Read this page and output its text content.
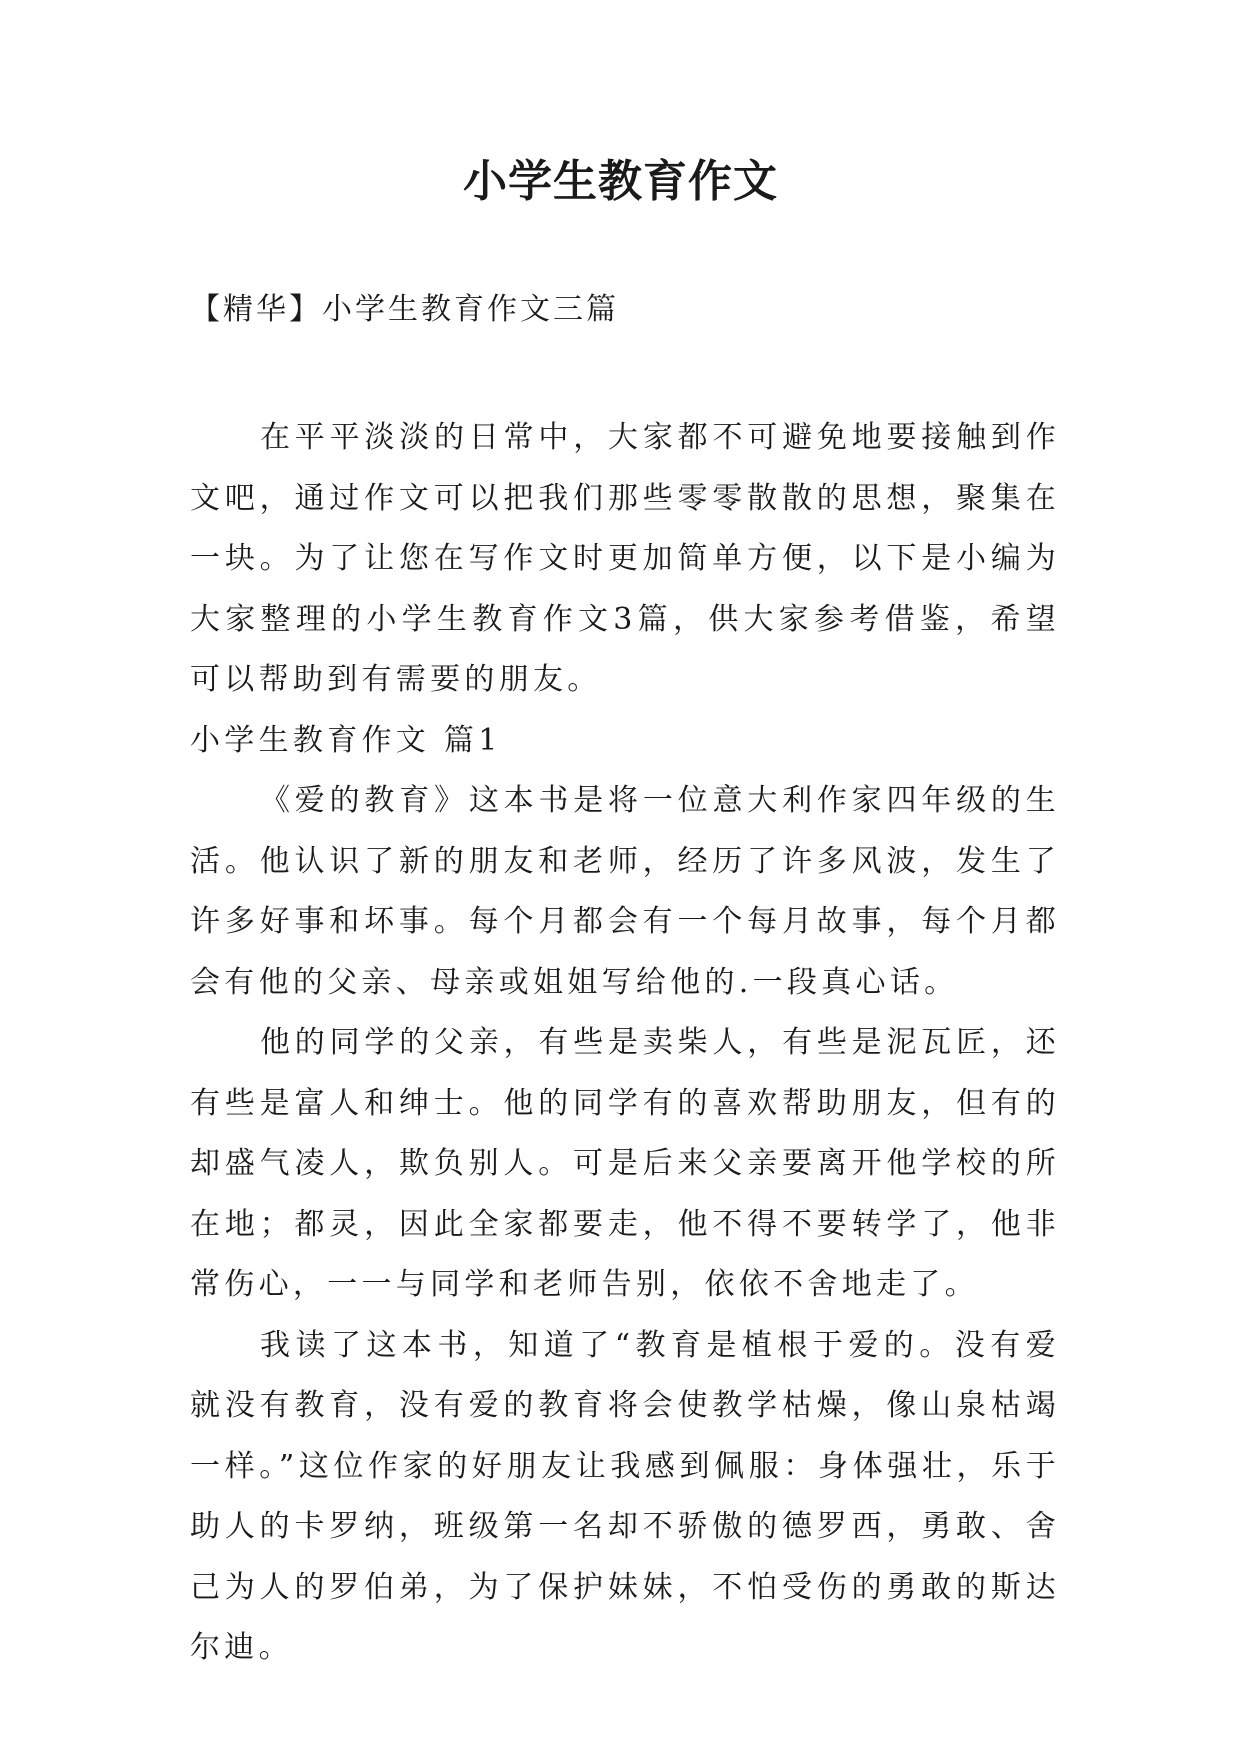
小学生教育作文

【精华】小学生教育作文三篇

在平平淡淡的日常中，大家都不可避免地要接触到作文吧，通过作文可以把我们那些零零散散的思想，聚集在一块。为了让您在写作文时更加简单方便，以下是小编为大家整理的小学生教育作文3篇，供大家参考借鉴，希望可以帮助到有需要的朋友。

小学生教育作文 篇1

《爱的教育》这本书是将一位意大利作家四年级的生活。他认识了新的朋友和老师，经历了许多风波，发生了许多好事和坏事。每个月都会有一个每月故事，每个月都会有他的父亲、母亲或姐姐写给他的.一段真心话。

他的同学的父亲，有些是卖柴人，有些是泥瓦匠，还有些是富人和绅士。他的同学有的喜欢帮助朋友，但有的却盛气凌人，欺负别人。可是后来父亲要离开他学校的所在地；都灵，因此全家都要走，他不得不要转学了，他非常伤心，一一与同学和老师告别，依依不舍地走了。

我读了这本书，知道了“教育是植根于爱的。没有爱就没有教育，没有爱的教育将会使教学枯燥，像山泉枯竭一样。”这位作家的好朋友让我感到佩服：身体强壮，乐于助人的卡罗纳，班级第一名却不骄傲的德罗西，勇敢、舍己为人的罗伯弟，为了保护妹妹，不怕受伤的勇敢的斯达尔迪。
